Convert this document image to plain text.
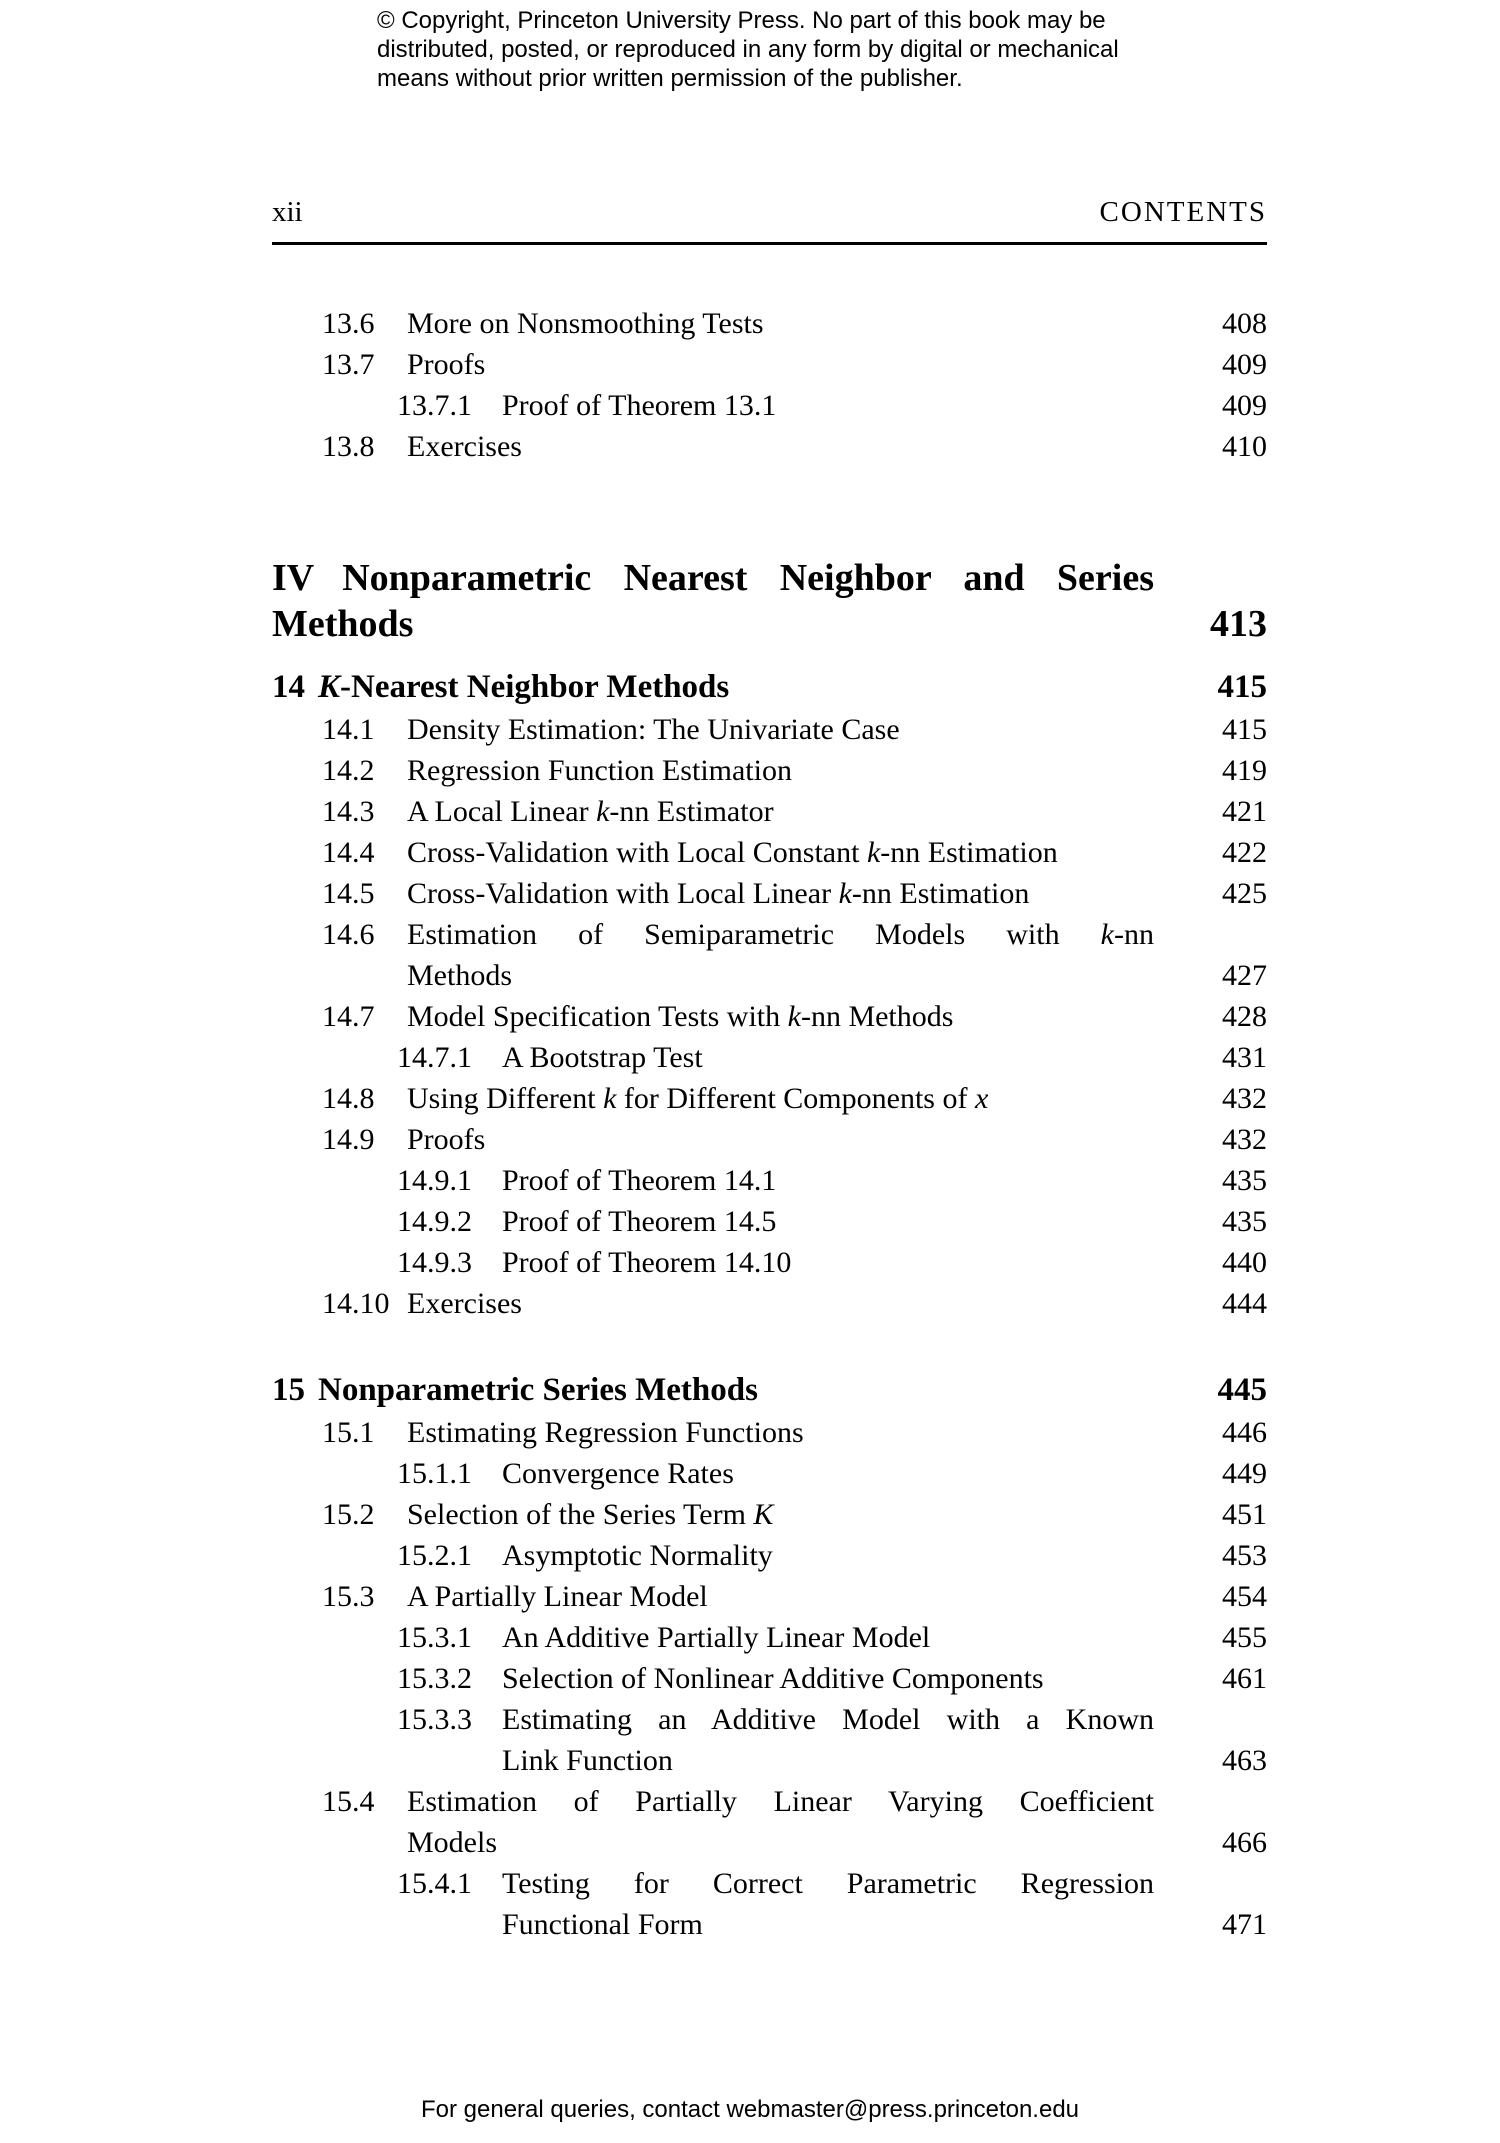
© Copyright, Princeton University Press. No part of this book may be
distributed, posted, or reproduced in any form by digital or mechanical
means without prior written permission of the publisher.
xii	CONTENTS
13.6	More on Nonsmoothing Tests	408
13.7	Proofs	409
13.7.1	Proof of Theorem 13.1	409
13.8	Exercises	410
IV Nonparametric Nearest Neighbor and Series
Methods	413
14 K-Nearest Neighbor Methods	415
14.1	Density Estimation: The Univariate Case	415
14.2	Regression Function Estimation	419
14.3	A Local Linear k-nn Estimator	421
14.4	Cross-Validation with Local Constant k-nn Estimation	422
14.5	Cross-Validation with Local Linear k-nn Estimation	425
14.6	Estimation of Semiparametric Models with k-nn
Methods	427
14.7	Model Specification Tests with k-nn Methods	428
14.7.1	A Bootstrap Test	431
14.8	Using Different k for Different Components of x	432
14.9	Proofs	432
14.9.1	Proof of Theorem 14.1	435
14.9.2	Proof of Theorem 14.5	435
14.9.3	Proof of Theorem 14.10	440
14.10 Exercises	444
15 Nonparametric Series Methods	445
15.1	Estimating Regression Functions	446
15.1.1	Convergence Rates	449
15.2	Selection of the Series Term K	451
15.2.1	Asymptotic Normality	453
15.3	A Partially Linear Model	454
15.3.1	An Additive Partially Linear Model	455
15.3.2	Selection of Nonlinear Additive Components	461
15.3.3	Estimating an Additive Model with a Known
Link Function	463
15.4	Estimation of Partially Linear Varying Coefficient
Models	466
15.4.1	Testing for Correct Parametric Regression
Functional Form	471
For general queries, contact webmaster@press.princeton.edu
